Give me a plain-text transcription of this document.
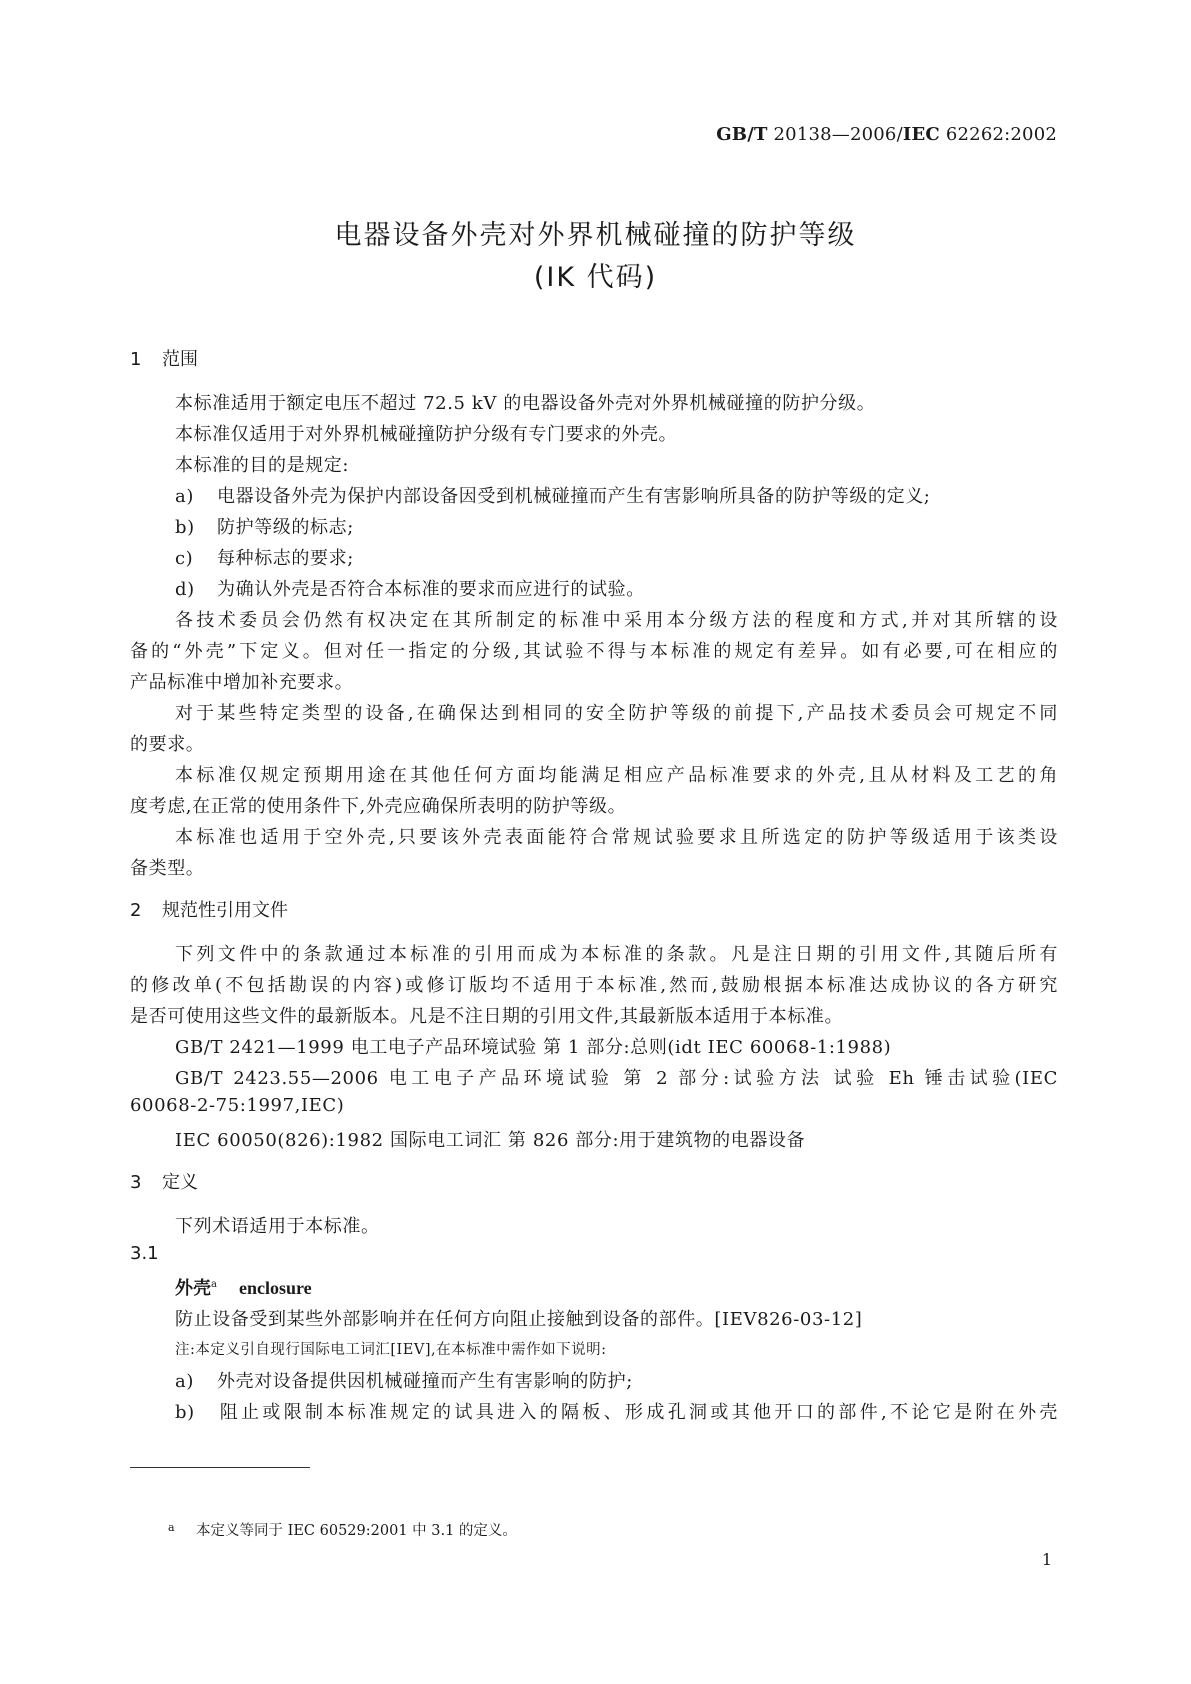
GB/T 20138—2006/IEC 62262:2002
电器设备外壳对外界机械碰撞的防护等级
(IK 代码)
1 范围
本标准适用于额定电压不超过 72.5 kV 的电器设备外壳对外界机械碰撞的防护分级。
本标准仅适用于对外界机械碰撞防护分级有专门要求的外壳。
本标准的目的是规定:
a) 电器设备外壳为保护内部设备因受到机械碰撞而产生有害影响所具备的防护等级的定义;
b) 防护等级的标志;
c) 每种标志的要求;
d) 为确认外壳是否符合本标准的要求而应进行的试验。
各技术委员会仍然有权决定在其所制定的标准中采用本分级方法的程度和方式,并对其所辖的设
备的“外壳”下定义。但对任一指定的分级,其试验不得与本标准的规定有差异。如有必要,可在相应的
产品标准中增加补充要求。
对于某些特定类型的设备,在确保达到相同的安全防护等级的前提下,产品技术委员会可规定不同
的要求。
本标准仅规定预期用途在其他任何方面均能满足相应产品标准要求的外壳,且从材料及工艺的角
度考虑,在正常的使用条件下,外壳应确保所表明的防护等级。
本标准也适用于空外壳,只要该外壳表面能符合常规试验要求且所选定的防护等级适用于该类设
备类型。
2 规范性引用文件
下列文件中的条款通过本标准的引用而成为本标准的条款。凡是注日期的引用文件,其随后所有
的修改单(不包括勘误的内容)或修订版均不适用于本标准,然而,鼓励根据本标准达成协议的各方研究
是否可使用这些文件的最新版本。凡是不注日期的引用文件,其最新版本适用于本标准。
GB/T 2421—1999 电工电子产品环境试验 第 1 部分:总则(idt IEC 60068-1:1988)
GB/T 2423.55—2006 电工电子产品环境试验 第 2 部分:试验方法 试验 Eh 锤击试验(IEC
60068-2-75:1997,IEC)
IEC 60050(826):1982 国际电工词汇 第 826 部分:用于建筑物的电器设备
3 定义
下列术语适用于本标准。
3.1
外壳$^a$ enclosure
防止设备受到某些外部影响并在任何方向阻止接触到设备的部件。[IEV826-03-12]
注:本定义引自现行国际电工词汇[IEV],在本标准中需作如下说明:
a) 外壳对设备提供因机械碰撞而产生有害影响的防护;
b) 阻止或限制本标准规定的试具进入的隔板、形成孔洞或其他开口的部件,不论它是附在外壳
a 本定义等同于 IEC 60529:2001 中 3.1 的定义。
1
